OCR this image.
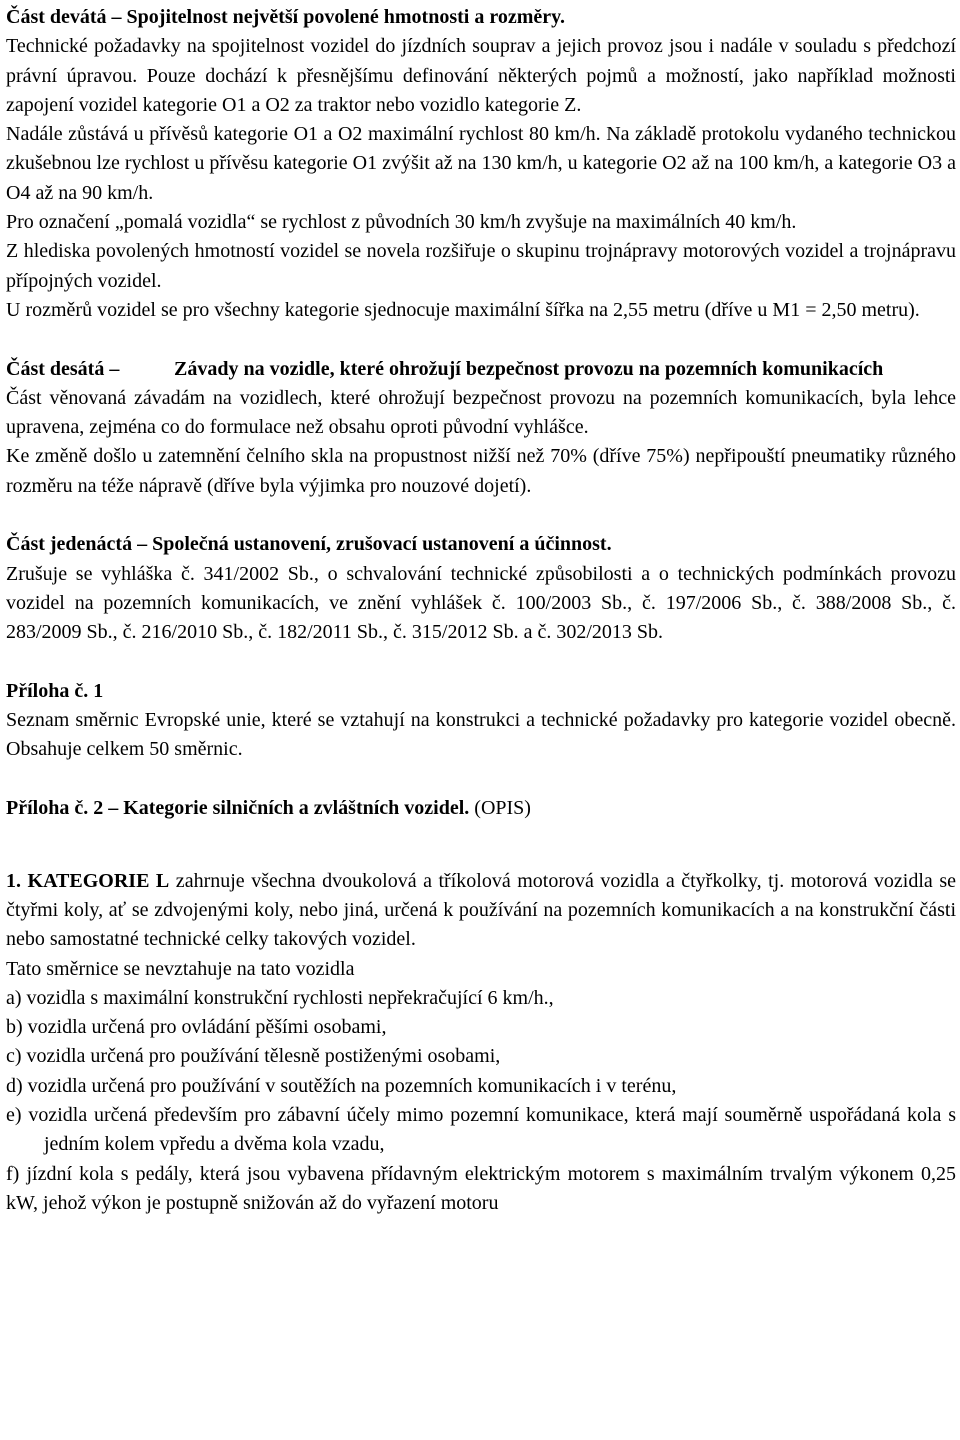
Část devátá – Spojitelnost největší povolené hmotnosti a rozměry.

Technické požadavky na spojitelnost vozidel do jízdních souprav a jejich provoz jsou i nadále v souladu s předchozí právní úpravou. Pouze dochází k přesnějšímu definování některých pojmů a možností, jako například možnosti zapojení vozidel kategorie O1 a O2 za traktor nebo vozidlo kategorie Z.

Nadále zůstává u přívěsů kategorie O1 a O2 maximální rychlost 80 km/h. Na základě protokolu vydaného technickou zkušebnou lze rychlost u přívěsu kategorie O1 zvýšit až na 130 km/h, u kategorie O2 až na 100 km/h, a kategorie O3 a O4 až na 90 km/h.

Pro označení „pomalá vozidla“ se rychlost z původních 30 km/h zvyšuje na maximálních 40 km/h.

Z hlediska povolených hmotností vozidel se novela rozšiřuje o skupinu trojnápravy motorových vozidel a trojnápravu přípojných vozidel.

U rozměrů vozidel se pro všechny kategorie sjednocuje maximální šířka na 2,55 metru (dříve u M1 = 2,50 metru).

Část desátá –	Závady na vozidle, které ohrožují bezpečnost provozu na pozemních komunikacích

Část věnovaná závadám na vozidlech, které ohrožují bezpečnost provozu na pozemních komunikacích, byla lehce upravena, zejména co do formulace než obsahu oproti původní vyhlášce.

Ke změně došlo u zatemnění čelního skla na propustnost nižší než 70% (dříve 75%) nepřipouští pneumatiky různého rozměru na téže nápravě (dříve byla výjimka pro nouzové dojetí).

Část jedenáctá – Společná ustanovení, zrušovací ustanovení a účinnost.

Zrušuje se vyhláška č. 341/2002 Sb., o schvalování technické způsobilosti a o technických podmínkách provozu vozidel na pozemních komunikacích, ve znění vyhlášek č. 100/2003 Sb., č. 197/2006 Sb., č. 388/2008 Sb., č. 283/2009 Sb., č. 216/2010 Sb., č. 182/2011 Sb., č. 315/2012 Sb. a č. 302/2013 Sb.

Příloha č. 1

Seznam směrnic Evropské unie, které se vztahují na konstrukci a technické požadavky pro kategorie vozidel obecně. Obsahuje celkem 50 směrnic.

Příloha č. 2 – Kategorie silničních a zvláštních vozidel. (OPIS)

1. KATEGORIE L zahrnuje všechna dvoukolová a tříkolová motorová vozidla a čtyřkolky, tj. motorová vozidla se čtyřmi koly, ať se zdvojenými koly, nebo jiná, určená k používání na pozemních komunikacích a na konstrukční části nebo samostatné technické celky takových vozidel.

Tato směrnice se nevztahuje na tato vozidla

a) vozidla s maximální konstrukční rychlosti nepřekračující 6 km/h.,

b) vozidla určená pro ovládání pěšími osobami,

c) vozidla určená pro používání tělesně postiženými osobami,

d) vozidla určená pro používání v soutěžích na pozemních komunikacích i v terénu,

e) vozidla určená především pro zábavní účely mimo pozemní komunikace, která mají souměrně uspořádaná kola s jedním kolem vpředu a dvěma kola vzadu,

f) jízdní kola s pedály, která jsou vybavena přídavným elektrickým motorem s maximálním trvalým výkonem 0,25 kW, jehož výkon je postupně snižován až do vyřazení motoru
